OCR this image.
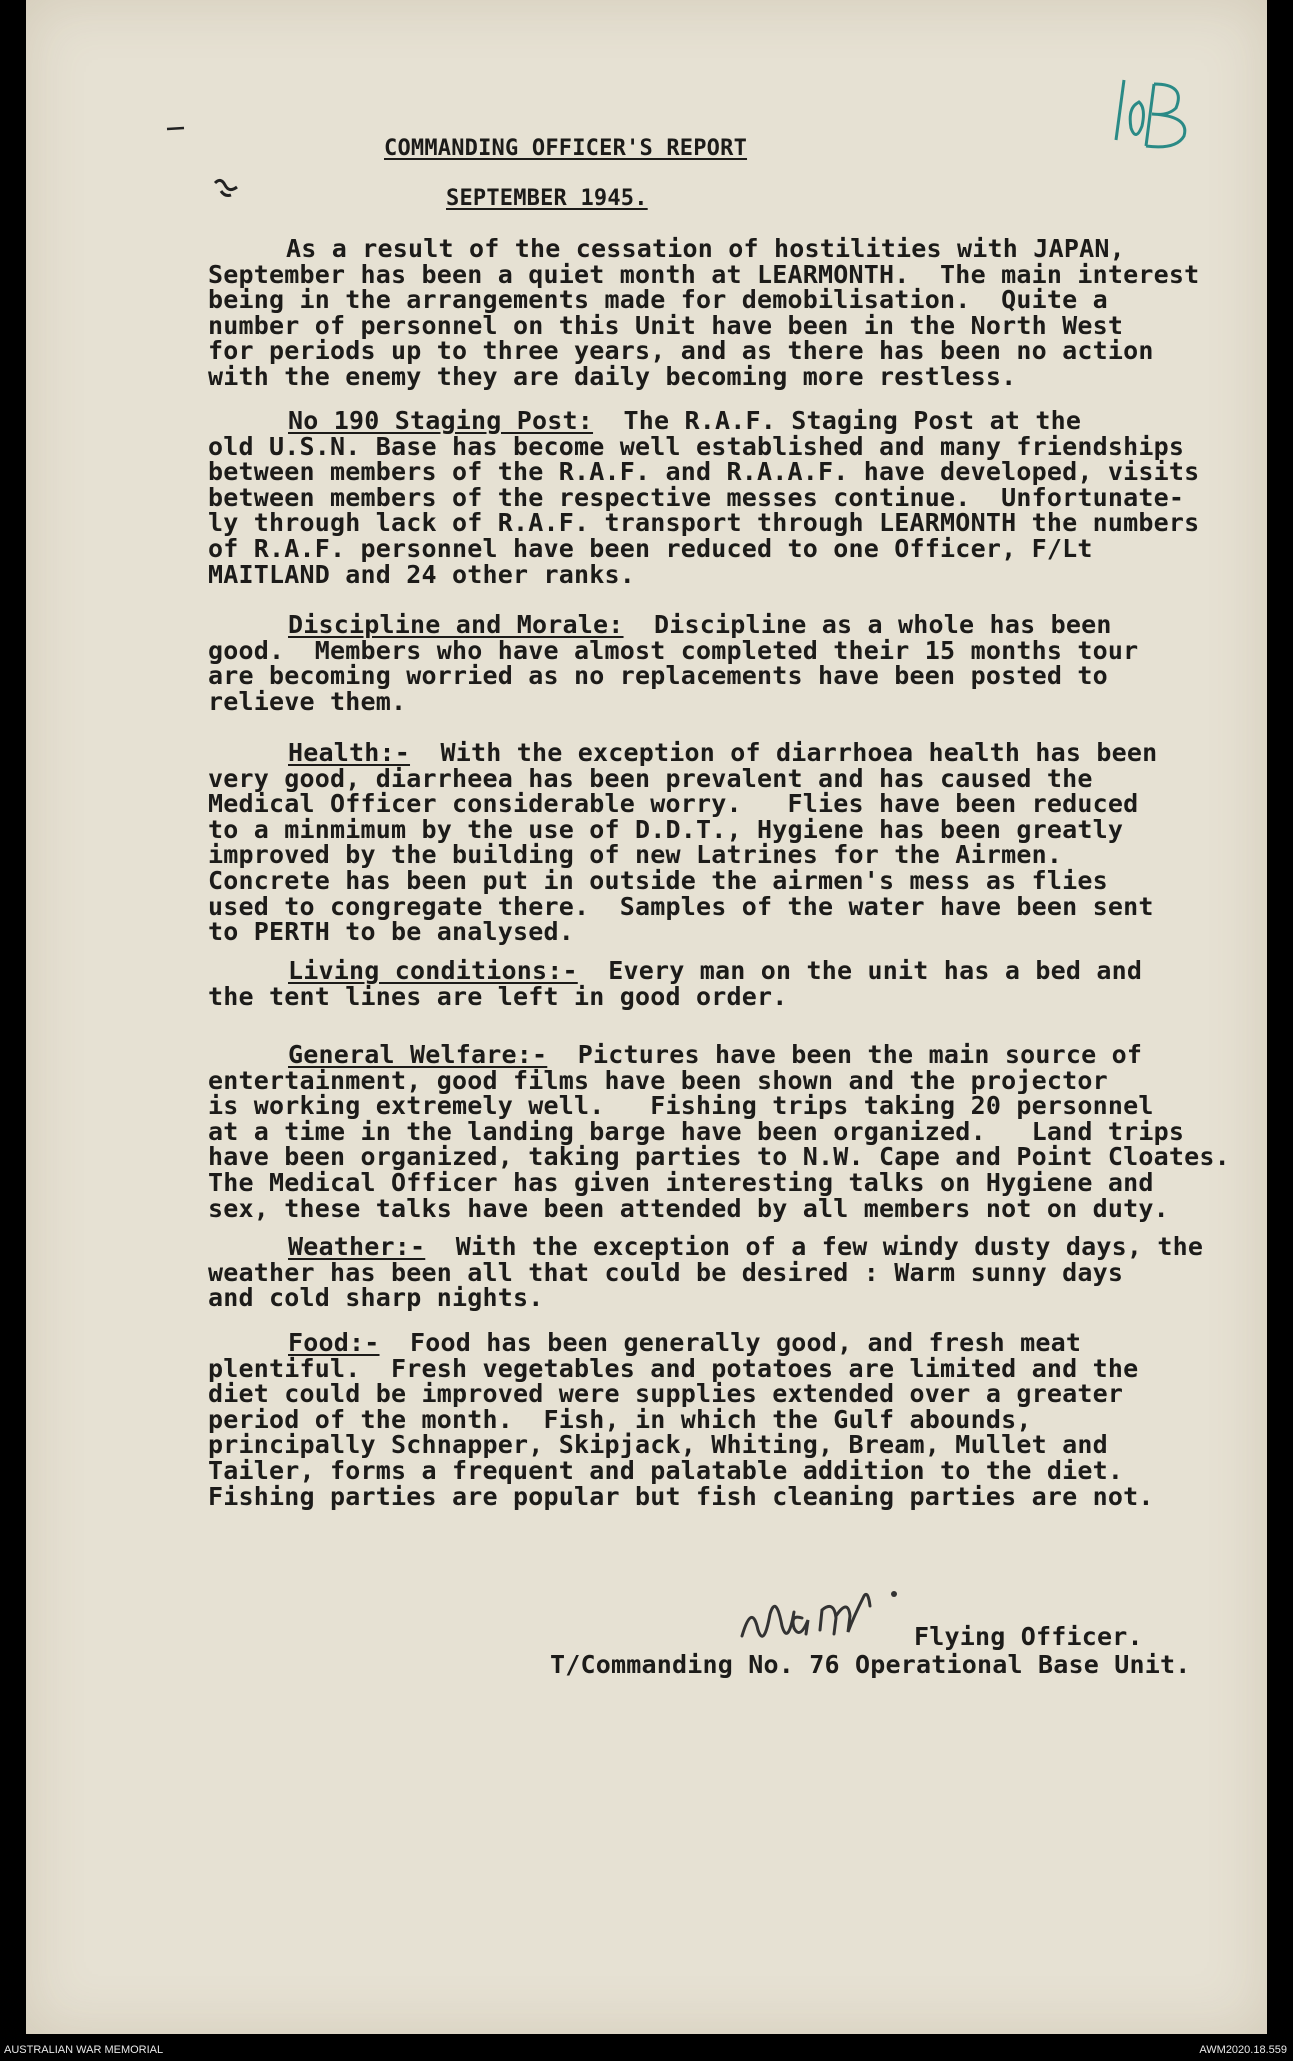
COMMANDING OFFICER'S REPORT
SEPTEMBER 1945.
As a result of the cessation of hostilities with JAPAN,
September has been a quiet month at LEARMONTH.  The main interest
being in the arrangements made for demobilisation.  Quite a
number of personnel on this Unit have been in the North West
for periods up to three years, and as there has been no action
with the enemy they are daily becoming more restless.
No 190 Staging Post:  The R.A.F. Staging Post at the
old U.S.N. Base has become well established and many friendships
between members of the R.A.F. and R.A.A.F. have developed, visits
between members of the respective messes continue.  Unfortunate-
ly through lack of R.A.F. transport through LEARMONTH the numbers
of R.A.F. personnel have been reduced to one Officer, F/Lt
MAITLAND and 24 other ranks.
Discipline and Morale:  Discipline as a whole has been
good.  Members who have almost completed their 15 months tour
are becoming worried as no replacements have been posted to
relieve them.
Health:-  With the exception of diarrhoea health has been
very good, diarrheea has been prevalent and has caused the
Medical Officer considerable worry.   Flies have been reduced
to a minmimum by the use of D.D.T., Hygiene has been greatly
improved by the building of new Latrines for the Airmen.
Concrete has been put in outside the airmen's mess as flies
used to congregate there.  Samples of the water have been sent
to PERTH to be analysed.
Living conditions:-  Every man on the unit has a bed and
the tent lines are left in good order.
General Welfare:-  Pictures have been the main source of
entertainment, good films have been shown and the projector
is working extremely well.   Fishing trips taking 20 personnel
at a time in the landing barge have been organized.   Land trips
have been organized, taking parties to N.W. Cape and Point Cloates.
The Medical Officer has given interesting talks on Hygiene and
sex, these talks have been attended by all members not on duty.
Weather:-  With the exception of a few windy dusty days, the
weather has been all that could be desired : Warm sunny days
and cold sharp nights.
Food:-  Food has been generally good, and fresh meat
plentiful.  Fresh vegetables and potatoes are limited and the
diet could be improved were supplies extended over a greater
period of the month.  Fish, in which the Gulf abounds,
principally Schnapper, Skipjack, Whiting, Bream, Mullet and
Tailer, forms a frequent and palatable addition to the diet.
Fishing parties are popular but fish cleaning parties are not.
Flying Officer.
T/Commanding No. 76 Operational Base Unit.
AUSTRALIAN WAR MEMORIAL	AWM2020.18.559
